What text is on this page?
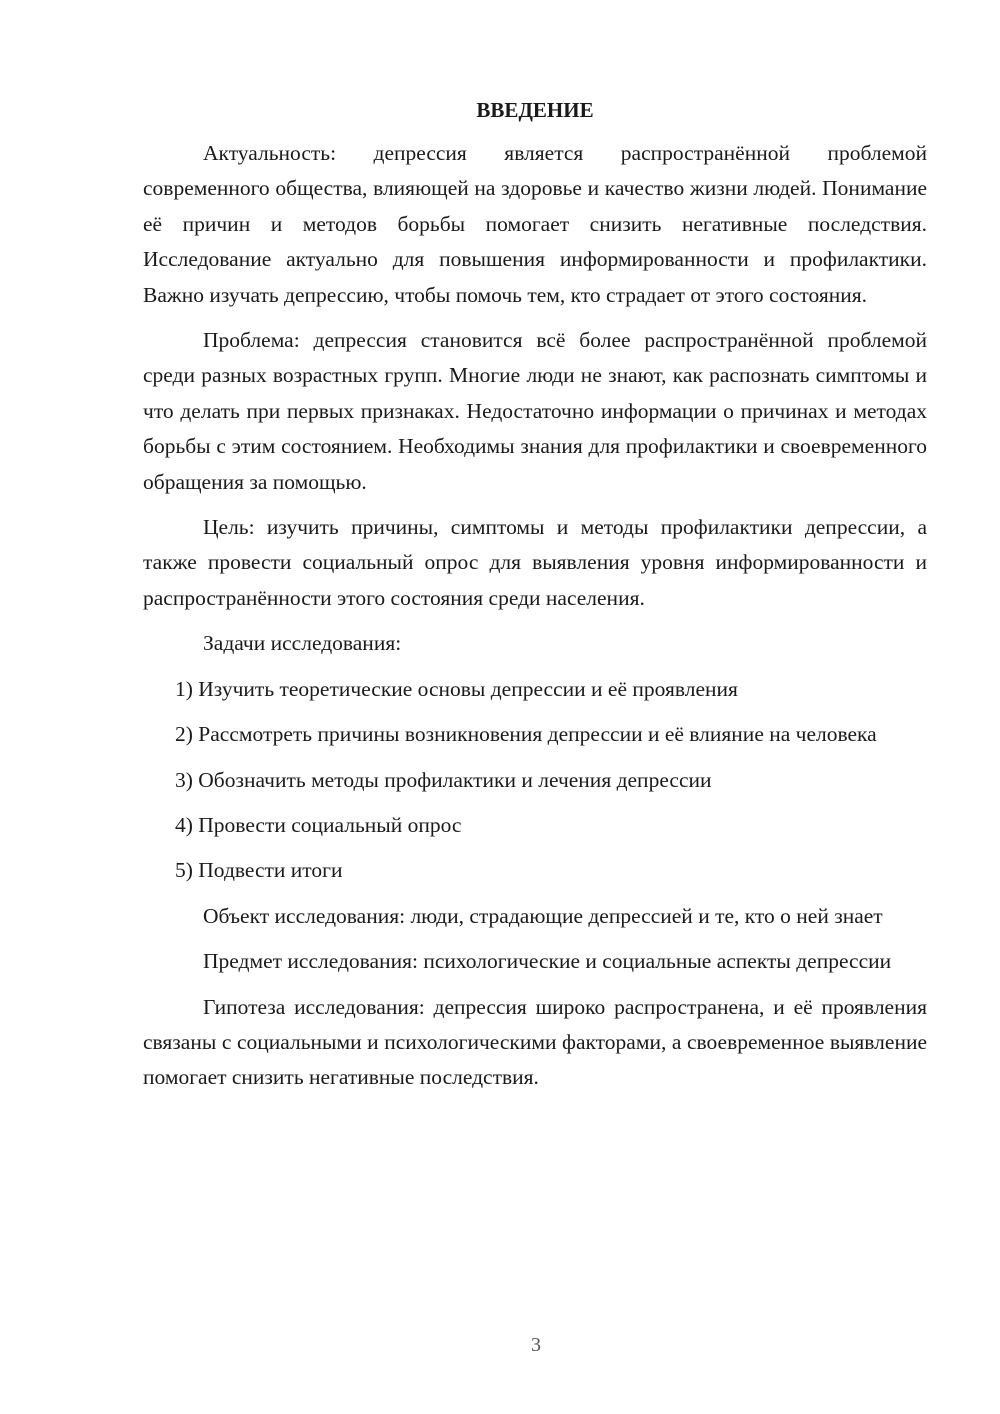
ВВЕДЕНИЕ

Актуальность: депрессия является распространённой проблемой современного общества, влияющей на здоровье и качество жизни людей. Понимание её причин и методов борьбы помогает снизить негативные последствия. Исследование актуально для повышения информированности и профилактики. Важно изучать депрессию, чтобы помочь тем, кто страдает от этого состояния.

Проблема: депрессия становится всё более распространённой проблемой среди разных возрастных групп. Многие люди не знают, как распознать симптомы и что делать при первых признаках. Недостаточно информации о причинах и методах борьбы с этим состоянием. Необходимы знания для профилактики и своевременного обращения за помощью.

Цель: изучить причины, симптомы и методы профилактики депрессии, а также провести социальный опрос для выявления уровня информированности и распространённости этого состояния среди населения.

Задачи исследования:

1) Изучить теоретические основы депрессии и её проявления

2) Рассмотреть причины возникновения депрессии и её влияние на человека

3) Обозначить методы профилактики и лечения депрессии

4) Провести социальный опрос

5) Подвести итоги

Объект исследования: люди, страдающие депрессией и те, кто о ней знает

Предмет исследования: психологические и социальные аспекты депрессии

Гипотеза исследования: депрессия широко распространена, и её проявления связаны с социальными и психологическими факторами, а своевременное выявление помогает снизить негативные последствия.

3
